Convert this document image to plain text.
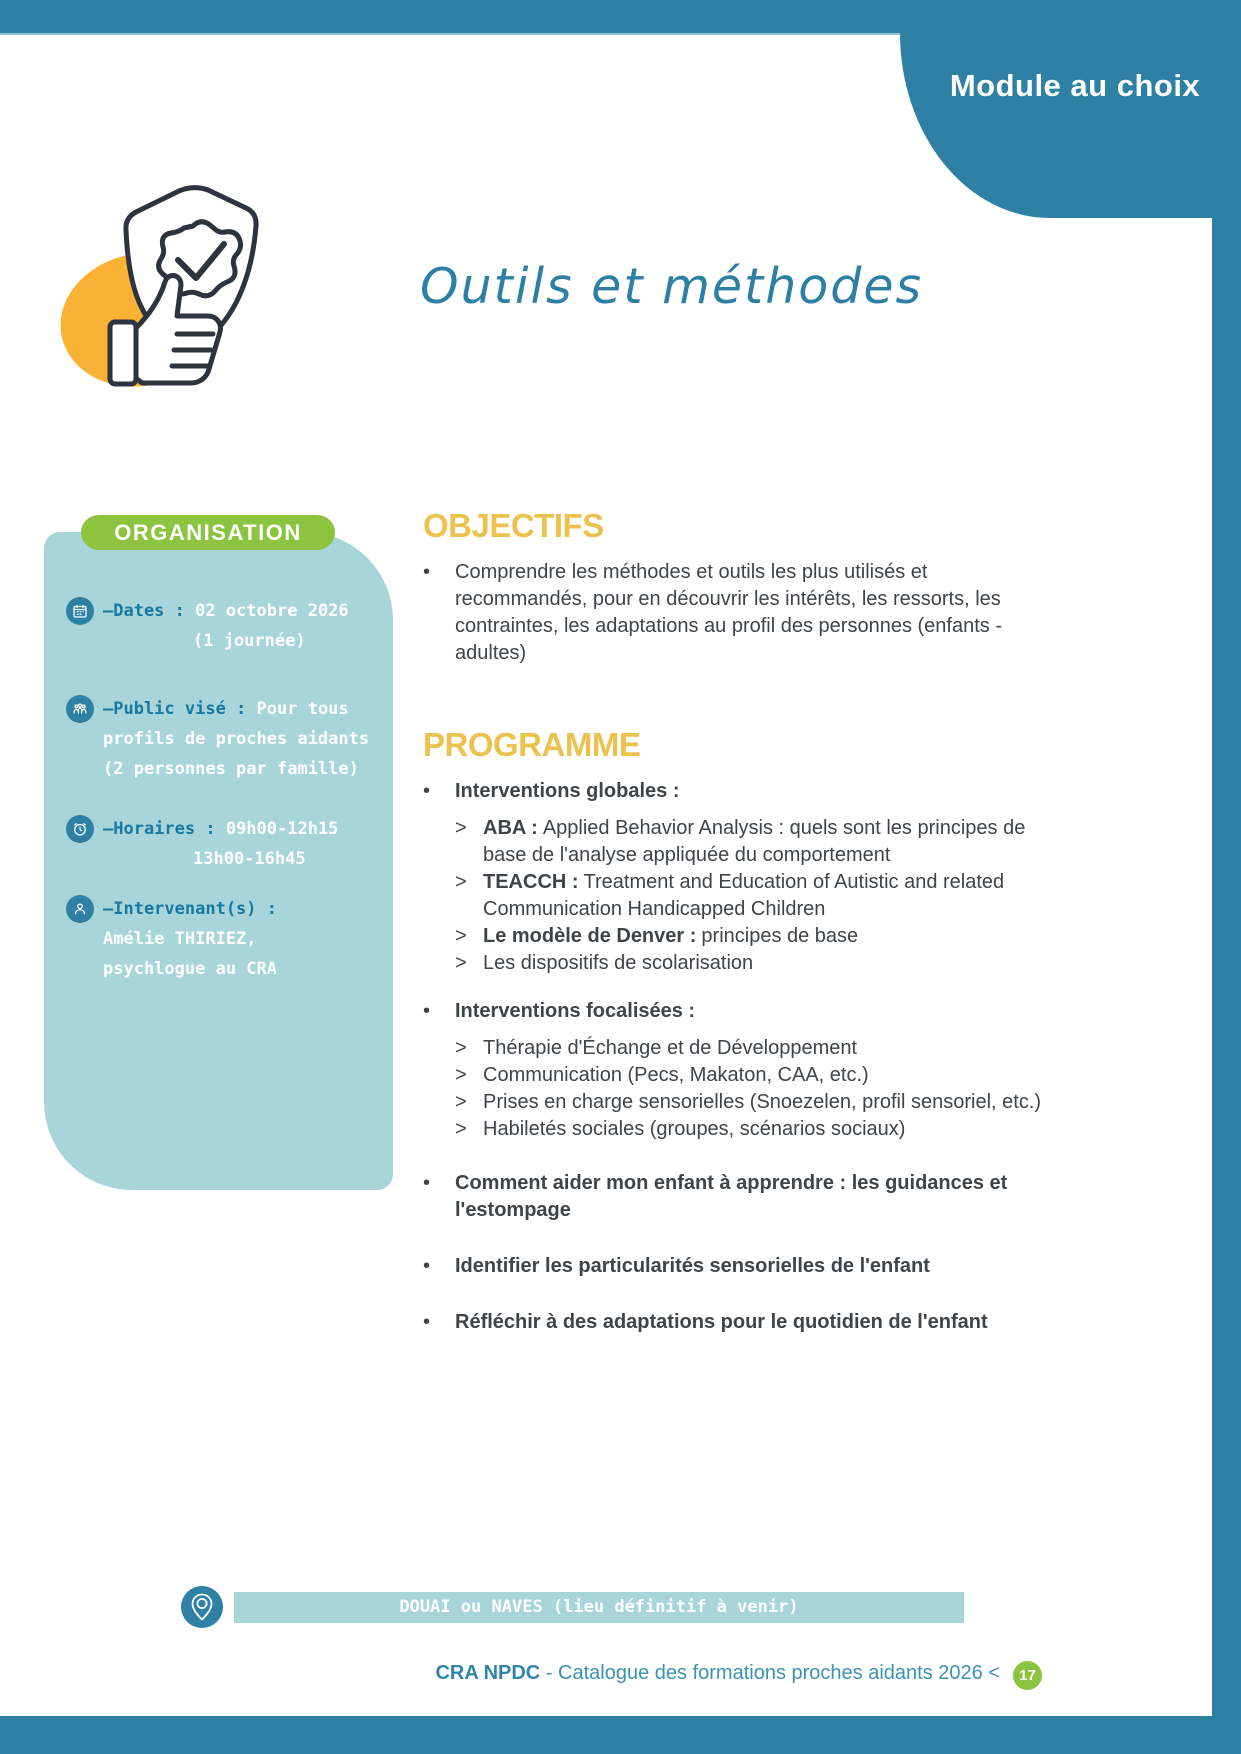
Module au choix
Outils et méthodes
ORGANISATION
–Dates : 02 octobre 2026
(1 journée)
–Public visé : Pour tous
profils de proches aidants
(2 personnes par famille)
–Horaires : 09h00-12h15
13h00-16h45
–Intervenant(s) :
Amélie THIRIEZ,
psychlogue au CRA
OBJECTIFS
•	Comprendre les méthodes et outils les plus utilisés et recommandés, pour en découvrir les intérêts, les ressorts, les contraintes, les adaptations au profil des personnes (enfants - adultes)

PROGRAMME
•	Interventions globales :

> ABA : Applied Behavior Analysis : quels sont les principes de base de l'analyse appliquée du comportement

> TEACCH : Treatment and Education of Autistic and related Communication Handicapped Children

> Le modèle de Denver : principes de base

> Les dispositifs de scolarisation

•	Interventions focalisées :

> Thérapie d'Échange et de Développement

> Communication (Pecs, Makaton, CAA, etc.)

> Prises en charge sensorielles (Snoezelen, profil sensoriel, etc.)

> Habiletés sociales (groupes, scénarios sociaux)

•	Comment aider mon enfant à apprendre : les guidances et l'estompage

•	Identifier les particularités sensorielles de l'enfant

•	Réfléchir à des adaptations pour le quotidien de l'enfant

DOUAI ou NAVES (lieu définitif à venir)
CRA NPDC - Catalogue des formations proches aidants 2026 <	17
